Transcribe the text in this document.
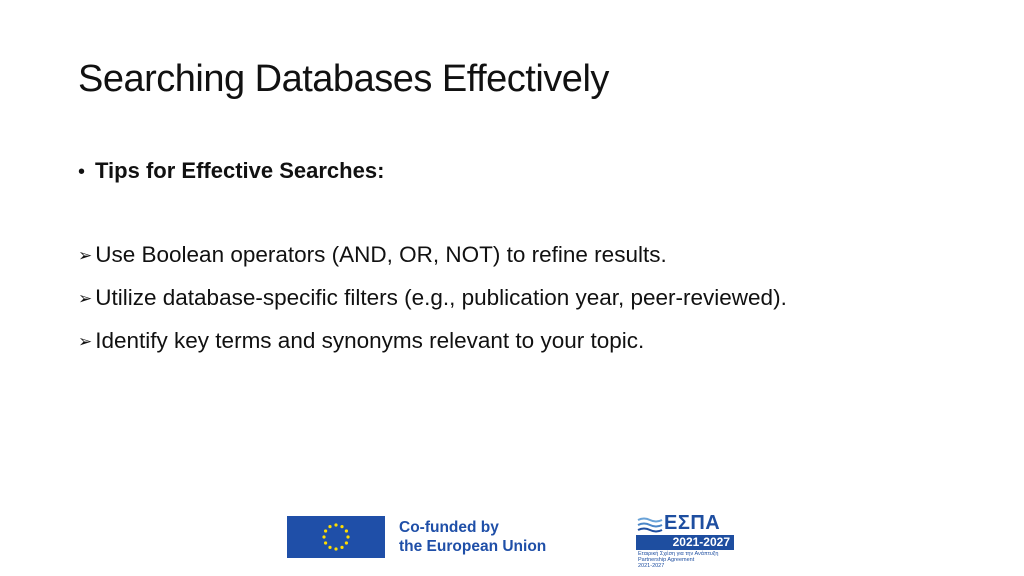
Searching Databases Effectively
• Tips for Effective Searches:
➢ Use Boolean operators (AND, OR, NOT) to refine results.
➢ Utilize database-specific filters (e.g., publication year, peer-reviewed).
➢ Identify key terms and synonyms relevant to your topic.
Co-funded by
the European Union
ΕΣΠΑ
2021-2027
Εταιρική Σχέση για την Ανάπτυξη
Partnership Agreement
2021-2027
